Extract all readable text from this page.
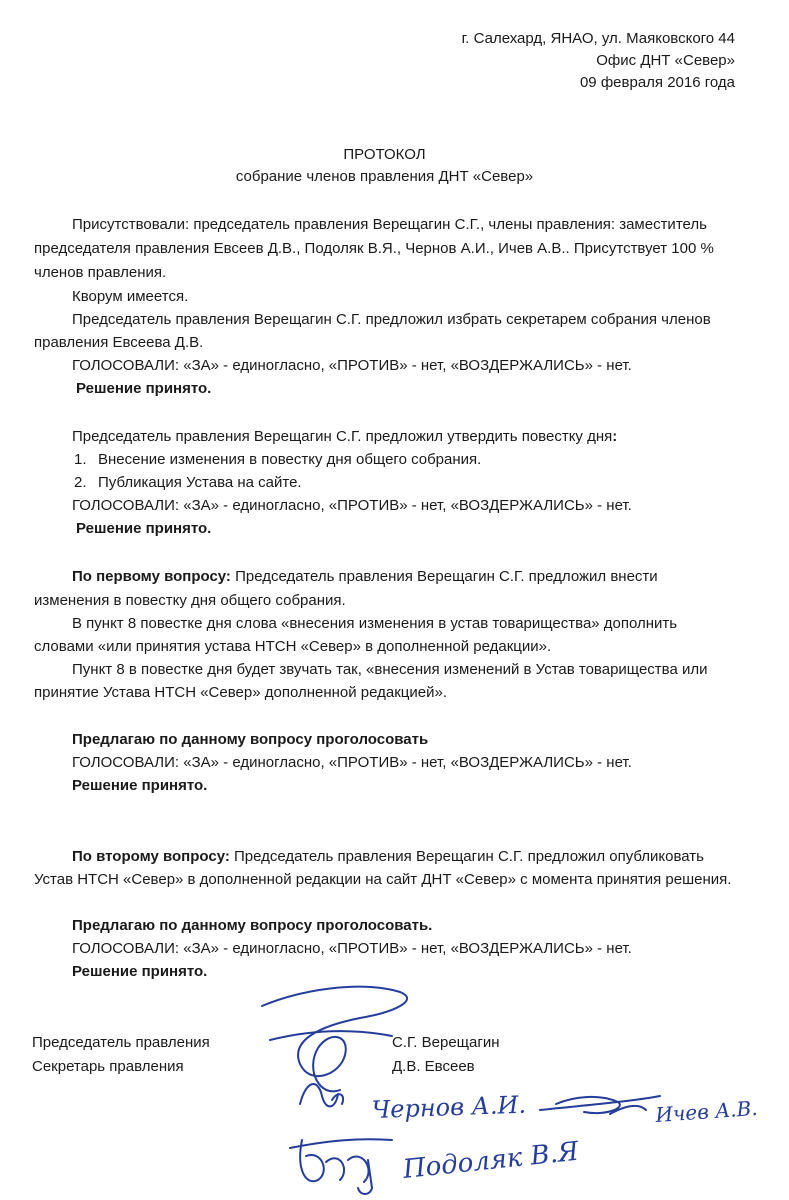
г. Салехард, ЯНАО, ул. Маяковского 44
Офис ДНТ «Север»
09 февраля 2016 года
ПРОТОКОЛ
собрание членов правления ДНТ «Север»
Присутствовали: председатель правления Верещагин С.Г., члены правления: заместитель
председателя правления Евсеев Д.В., Подоляк В.Я., Чернов А.И., Ичев А.В.. Присутствует 100 %
членов правления.
Кворум имеется.
Председатель правления Верещагин С.Г. предложил избрать секретарем собрания членов
правления Евсеева Д.В.
ГОЛОСОВАЛИ: «ЗА» - единогласно, «ПРОТИВ» - нет, «ВОЗДЕРЖАЛИСЬ» - нет.
Решение принято.
Председатель правления Верещагин С.Г. предложил утвердить повестку дня:
1. Внесение изменения в повестку дня общего собрания.
2. Публикация Устава на сайте.
ГОЛОСОВАЛИ: «ЗА» - единогласно, «ПРОТИВ» - нет, «ВОЗДЕРЖАЛИСЬ» - нет.
Решение принято.
По первому вопросу: Председатель правления Верещагин С.Г. предложил внести
изменения в повестку дня общего собрания.
В пункт 8 повестке дня слова «внесения изменения в устав товарищества» дополнить
словами «или принятия устава НТСН «Север» в дополненной редакции».
Пункт 8 в повестке дня будет звучать так, «внесения изменений в Устав товарищества или
принятие Устава НТСН «Север» дополненной редакцией».
Предлагаю по данному вопросу проголосовать
ГОЛОСОВАЛИ: «ЗА» - единогласно, «ПРОТИВ» - нет, «ВОЗДЕРЖАЛИСЬ» - нет.
Решение принято.
По второму вопросу: Председатель правления Верещагин С.Г. предложил опубликовать
Устав НТСН «Север» в дополненной редакции на сайт ДНТ «Север» с момента принятия решения.
Предлагаю по данному вопросу проголосовать.
ГОЛОСОВАЛИ: «ЗА» - единогласно, «ПРОТИВ» - нет, «ВОЗДЕРЖАЛИСЬ» - нет.
Решение принято.
Председатель правления	С.Г. Верещагин
Секретарь правления	Д.В. Евсеев
Чернов А.И.	Ичев А.В.
Подоляк В.Я
